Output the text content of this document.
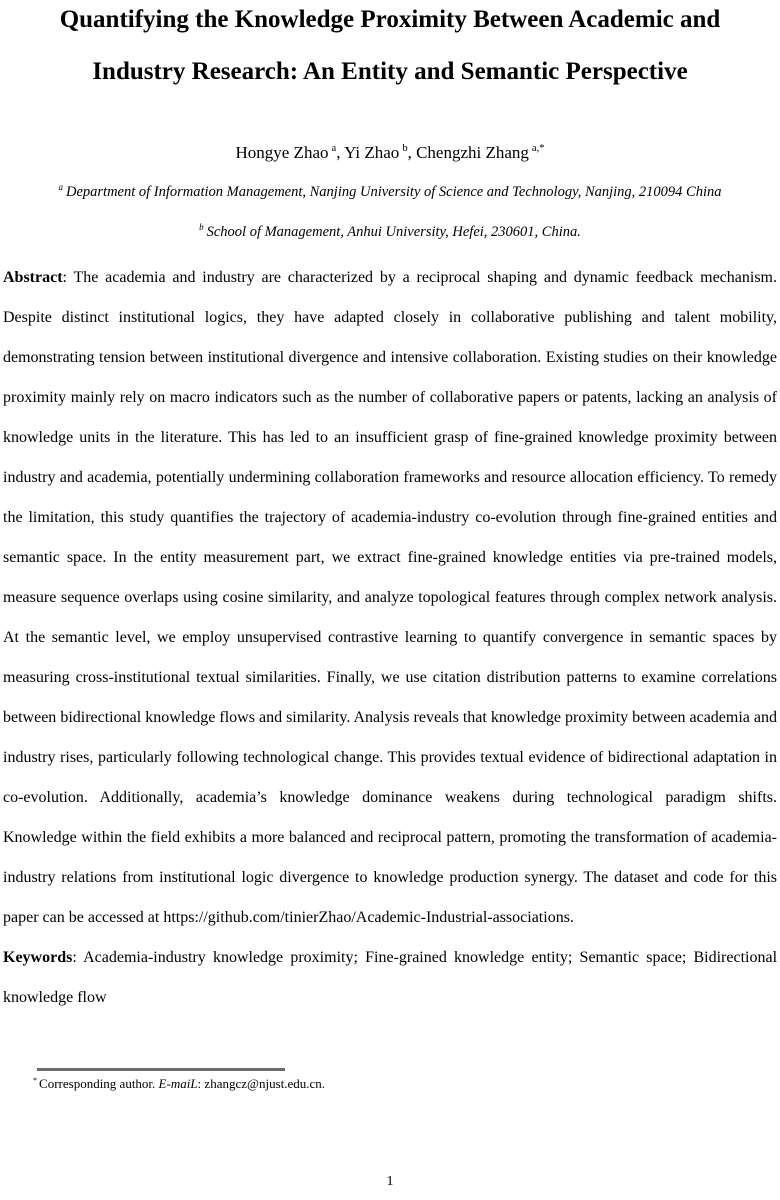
Quantifying the Knowledge Proximity Between Academic and
Industry Research: An Entity and Semantic Perspective
Hongye Zhao $^a$, Yi Zhao $^b$, Chengzhi Zhang $^{a,*}$
$^a$ Department of Information Management, Nanjing University of Science and Technology, Nanjing, 210094 China
$^b$ School of Management, Anhui University, Hefei, 230601, China.

Abstract: The academia and industry are characterized by a reciprocal shaping and dynamic feedback mechanism. Despite distinct institutional logics, they have adapted closely in collaborative publishing and talent mobility, demonstrating tension between institutional divergence and intensive collaboration. Existing studies on their knowledge proximity mainly rely on macro indicators such as the number of collaborative papers or patents, lacking an analysis of knowledge units in the literature. This has led to an insufficient grasp of fine-grained knowledge proximity between industry and academia, potentially undermining collaboration frameworks and resource allocation efficiency. To remedy the limitation, this study quantifies the trajectory of academia-industry co-evolution through fine-grained entities and semantic space. In the entity measurement part, we extract fine-grained knowledge entities via pre-trained models, measure sequence overlaps using cosine similarity, and analyze topological features through complex network analysis. At the semantic level, we employ unsupervised contrastive learning to quantify convergence in semantic spaces by measuring cross-institutional textual similarities. Finally, we use citation distribution patterns to examine correlations between bidirectional knowledge flows and similarity. Analysis reveals that knowledge proximity between academia and industry rises, particularly following technological change. This provides textual evidence of bidirectional adaptation in co-evolution. Additionally, academia’s knowledge dominance weakens during technological paradigm shifts. Knowledge within the field exhibits a more balanced and reciprocal pattern, promoting the transformation of academia-industry relations from institutional logic divergence to knowledge production synergy. The dataset and code for this paper can be accessed at https://github.com/tinierZhao/Academic-Industrial-associations.

Keywords: Academia-industry knowledge proximity; Fine-grained knowledge entity; Semantic space; Bidirectional knowledge flow

* Corresponding author. E-maiL: zhangcz@njust.edu.cn.

1
